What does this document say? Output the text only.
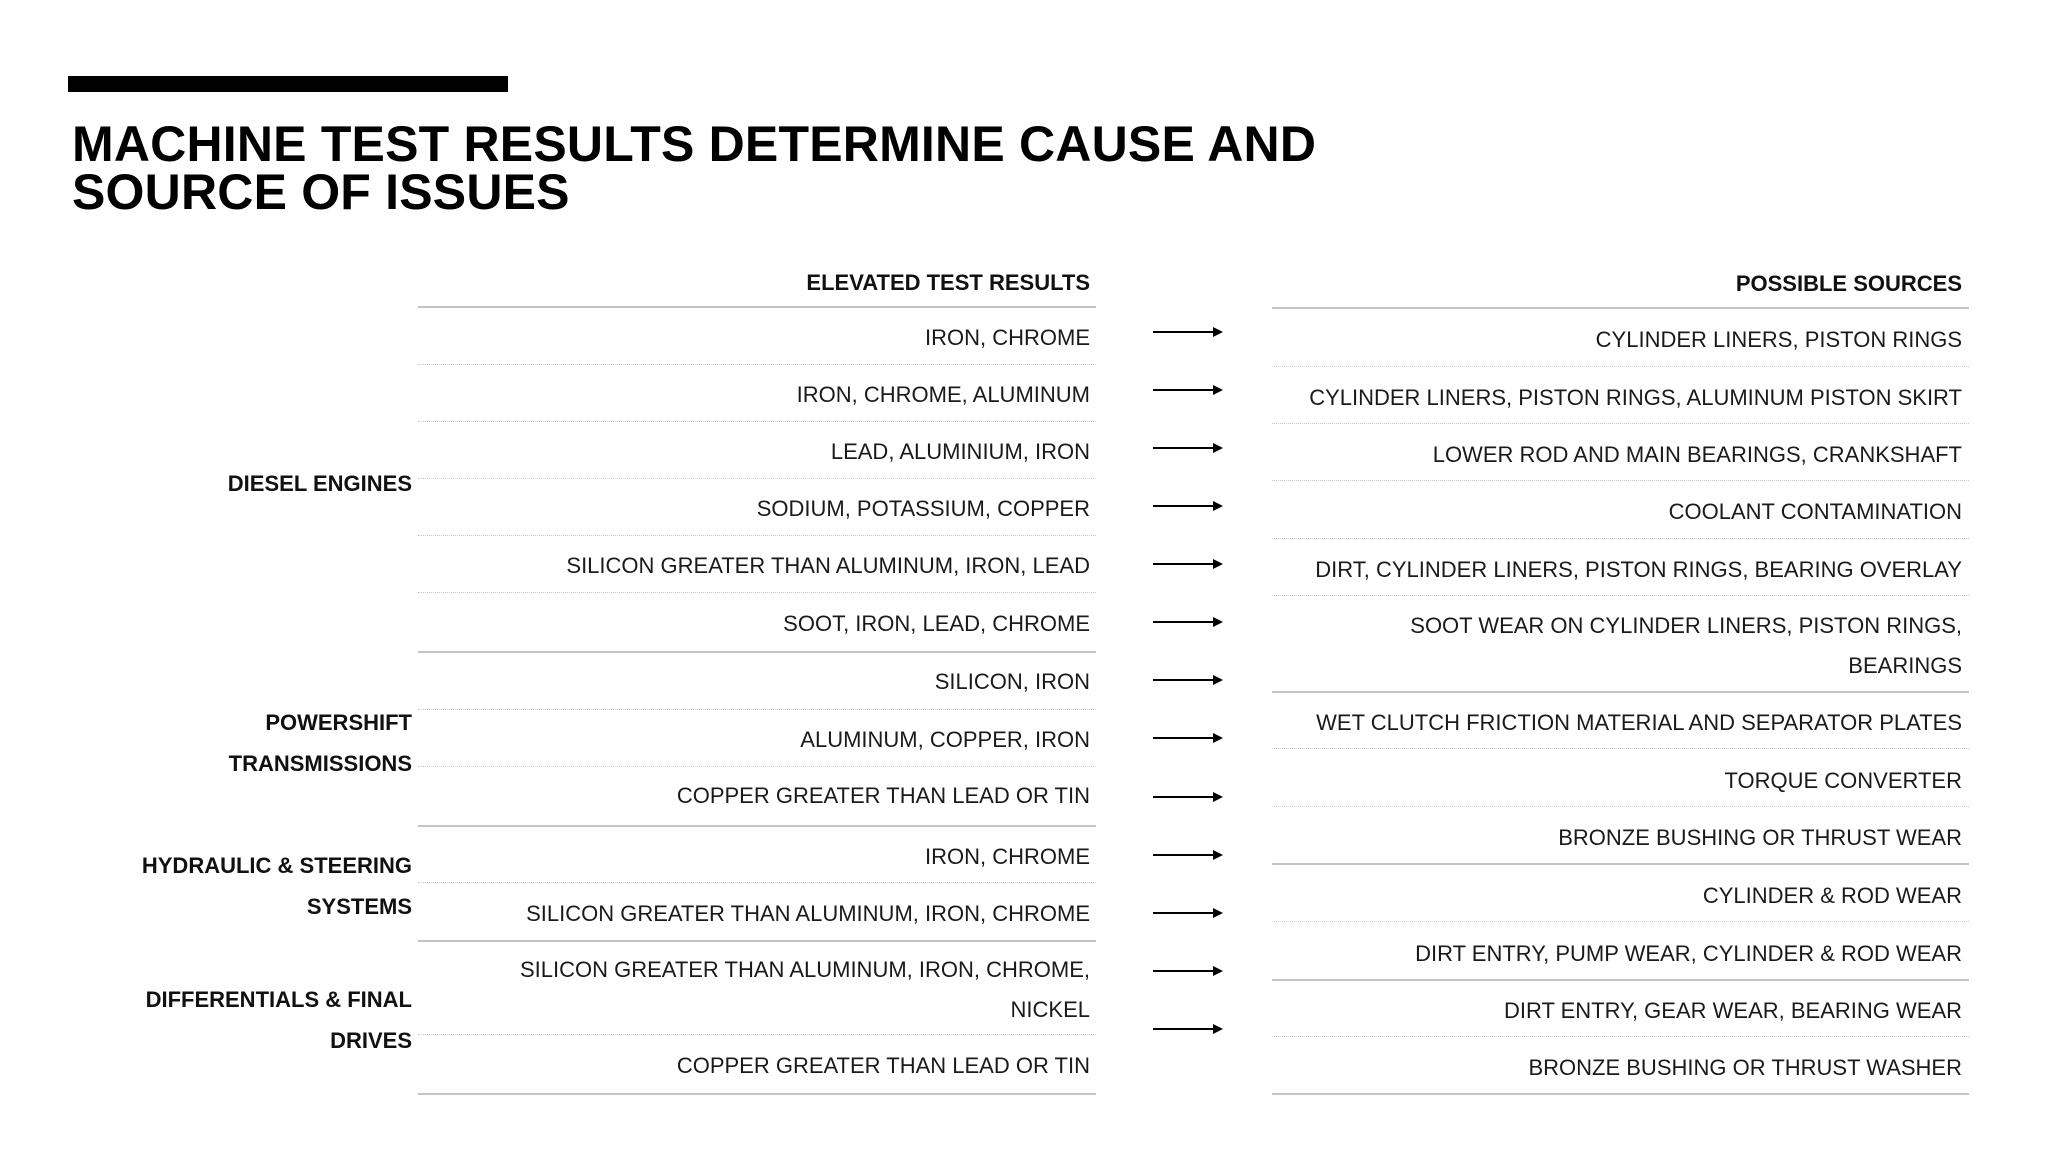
MACHINE TEST RESULTS DETERMINE CAUSE AND SOURCE OF ISSUES
ELEVATED TEST RESULTS	POSSIBLE SOURCES
DIESEL ENGINES
POWERSHIFT TRANSMISSIONS
HYDRAULIC & STEERING SYSTEMS
DIFFERENTIALS & FINAL DRIVES
IRON, CHROME
IRON, CHROME, ALUMINUM
LEAD, ALUMINIUM, IRON
SODIUM, POTASSIUM, COPPER
SILICON GREATER THAN ALUMINUM, IRON, LEAD
SOOT, IRON, LEAD, CHROME
SILICON, IRON
ALUMINUM, COPPER, IRON
COPPER GREATER THAN LEAD OR TIN
IRON, CHROME
SILICON GREATER THAN ALUMINUM, IRON, CHROME
SILICON GREATER THAN ALUMINUM, IRON, CHROME, NICKEL
COPPER GREATER THAN LEAD OR TIN
CYLINDER LINERS, PISTON RINGS
CYLINDER LINERS, PISTON RINGS, ALUMINUM PISTON SKIRT
LOWER ROD AND MAIN BEARINGS, CRANKSHAFT
COOLANT CONTAMINATION
DIRT, CYLINDER LINERS, PISTON RINGS, BEARING OVERLAY
SOOT WEAR ON CYLINDER LINERS, PISTON RINGS, BEARINGS
WET CLUTCH FRICTION MATERIAL AND SEPARATOR PLATES
TORQUE CONVERTER
BRONZE BUSHING OR THRUST WEAR
CYLINDER & ROD WEAR
DIRT ENTRY, PUMP WEAR, CYLINDER & ROD WEAR
DIRT ENTRY, GEAR WEAR, BEARING WEAR
BRONZE BUSHING OR THRUST WASHER
